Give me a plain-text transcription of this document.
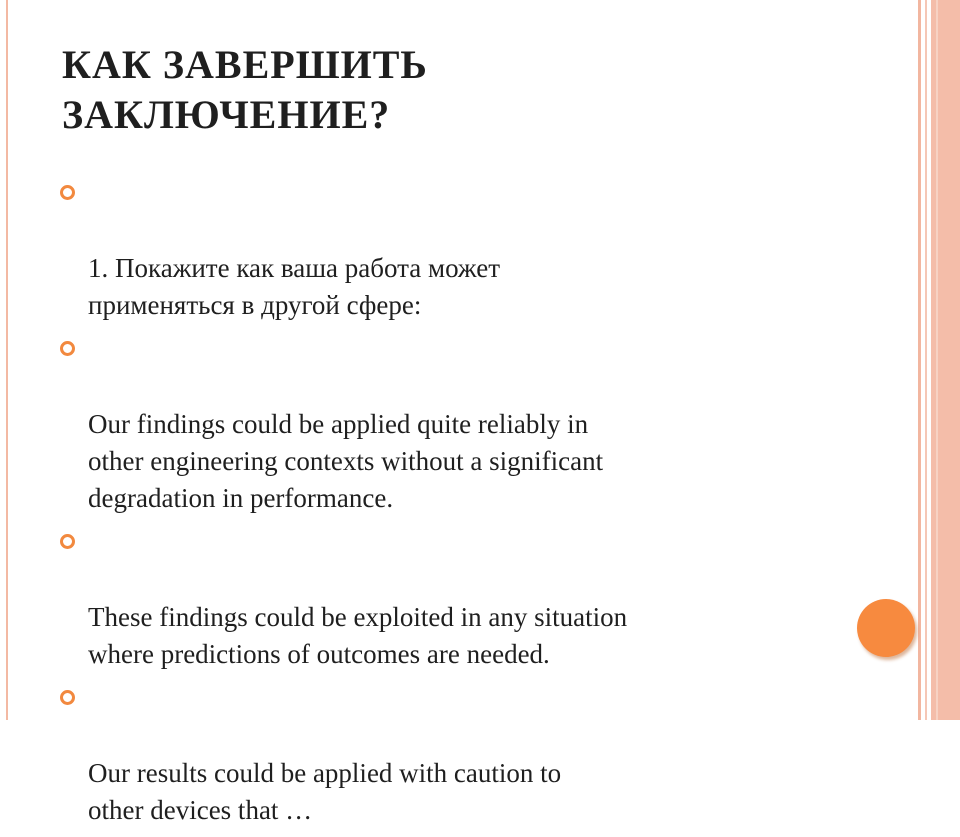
КАК ЗАВЕРШИТЬ
ЗАКЛЮЧЕНИЕ?

1. Покажите как ваша работа может
применяться в другой сфере:

Our findings could be applied quite reliably in
other engineering contexts without a significant
degradation in performance.

These findings could be exploited in any situation
where predictions of outcomes are needed.

Our results could be applied with caution to
other devices that …
